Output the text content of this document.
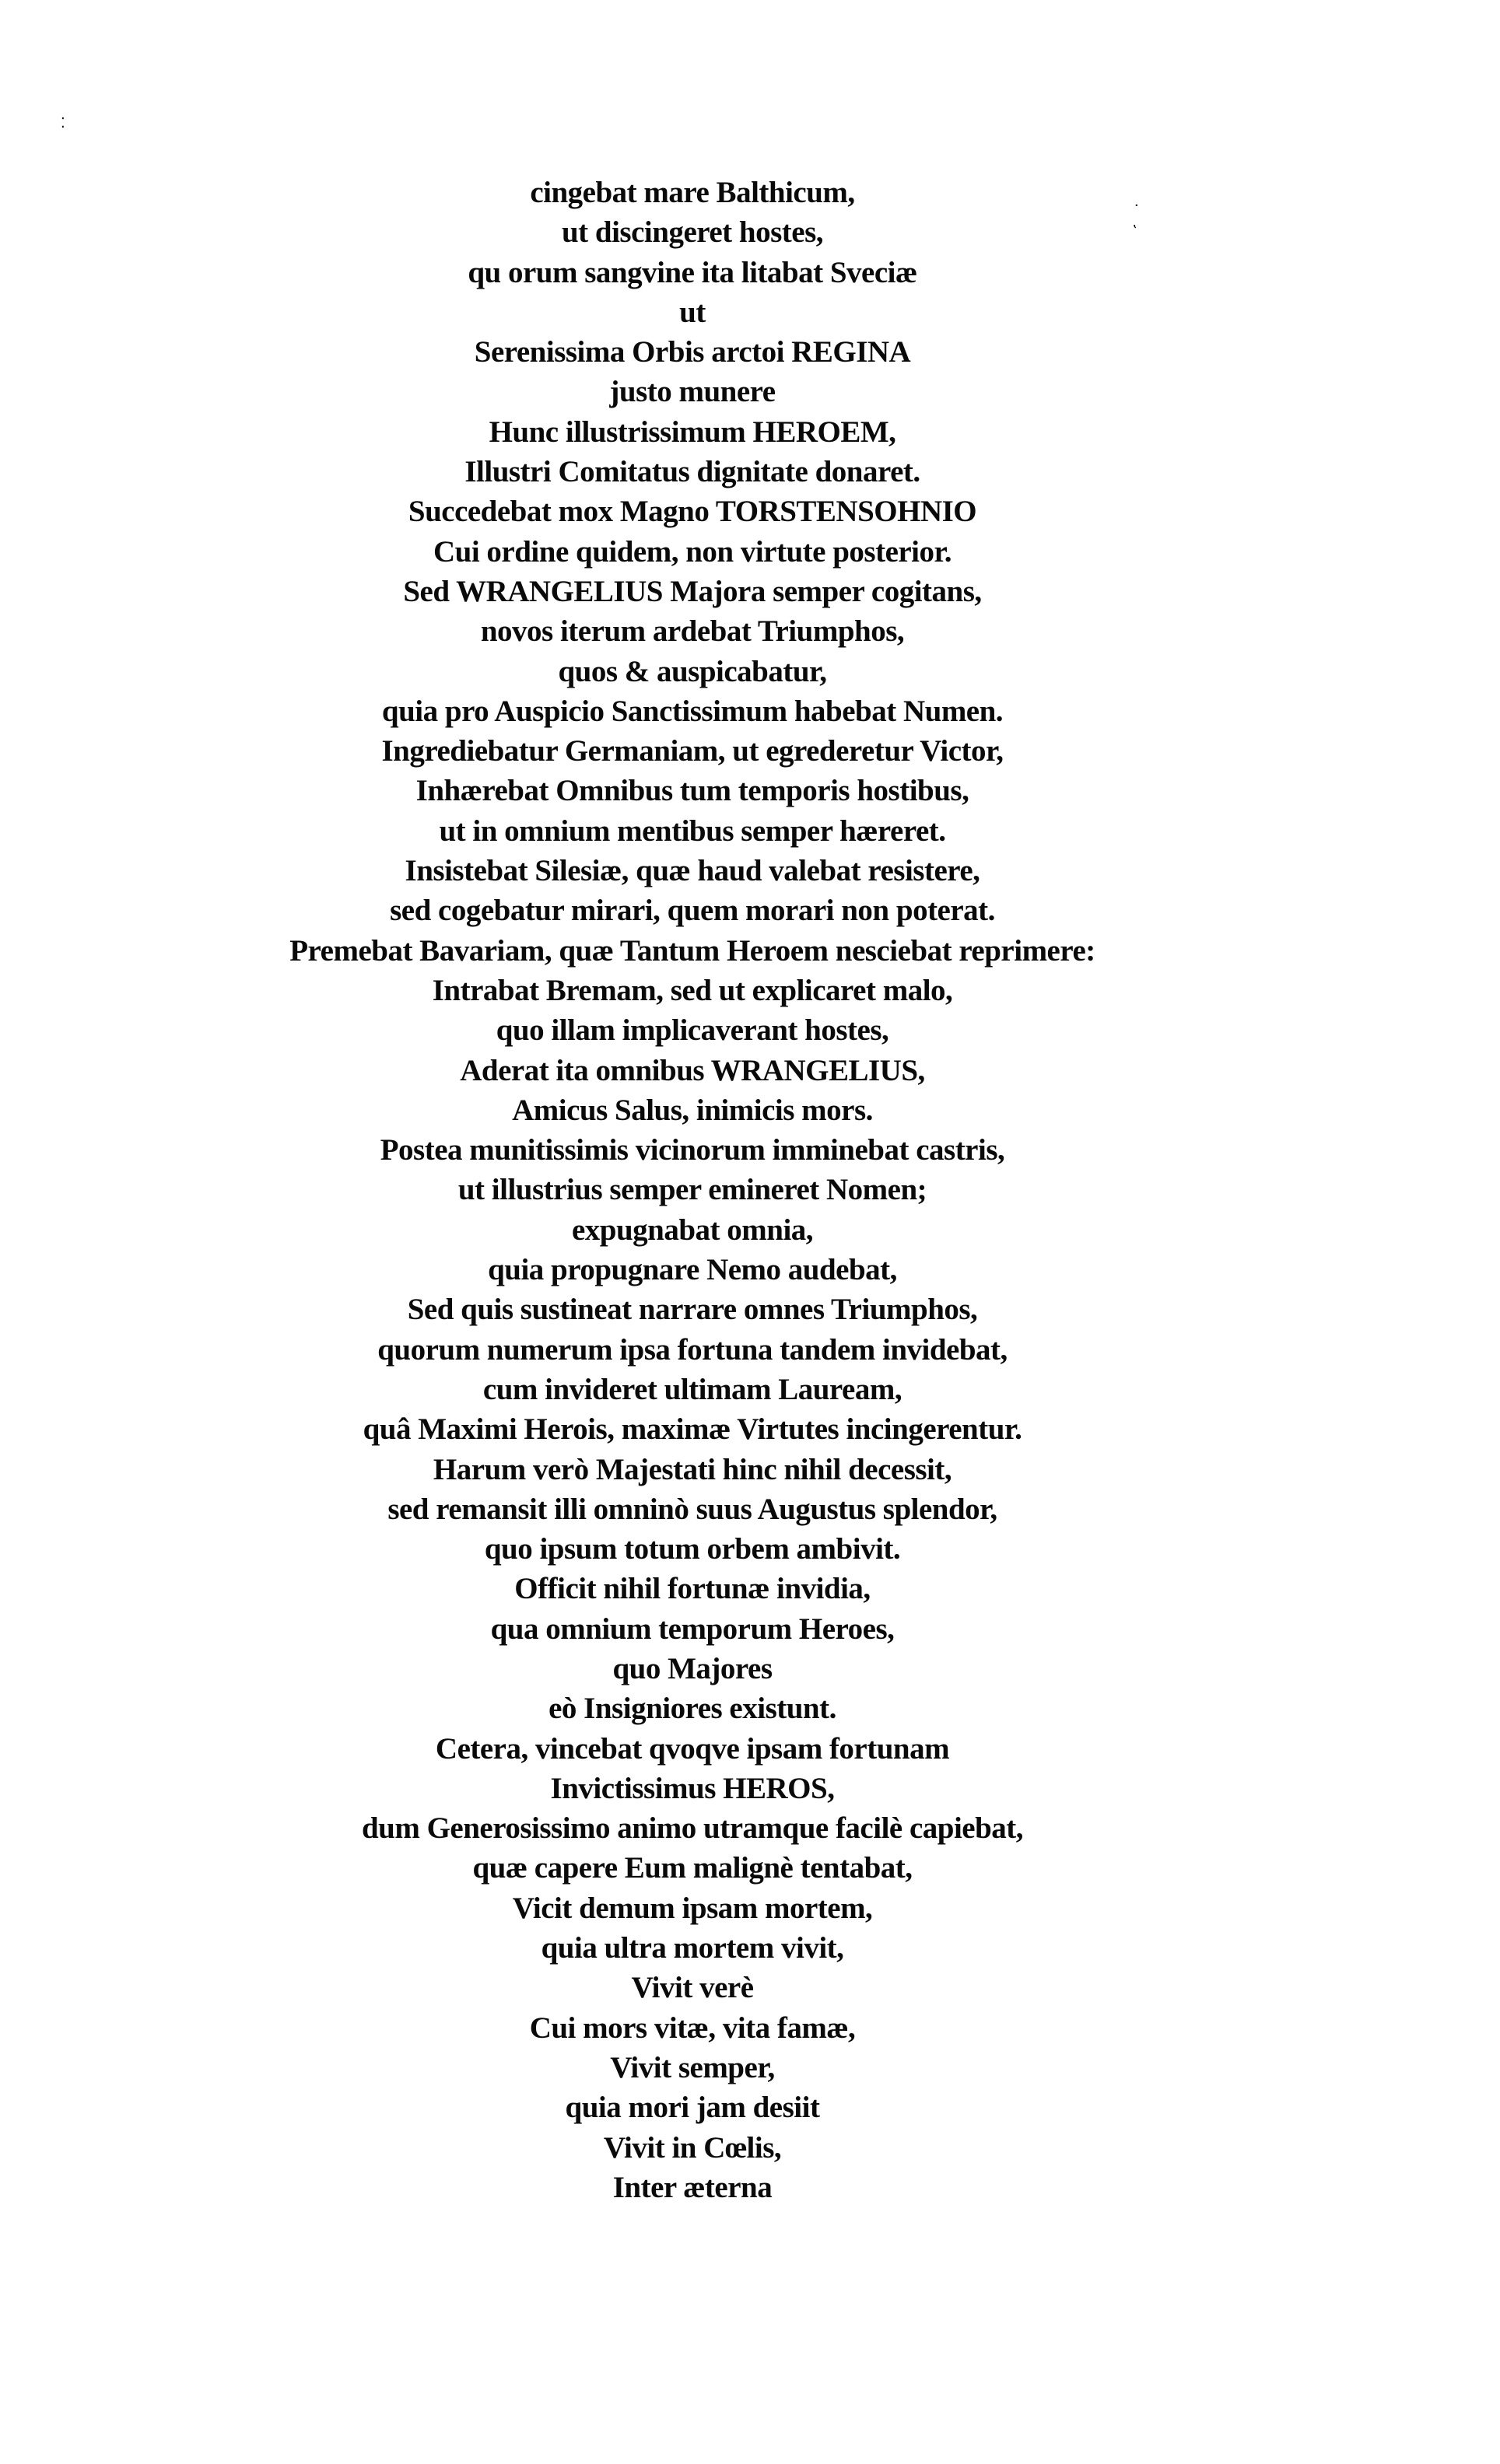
⁚
·
‛
cingebat mare Balthicum,
ut discingeret hostes,
qu orum sangvine ita litabat Sveciæ
ut
Serenissima Orbis arctoi REGINA
justo munere
Hunc illustrissimum HEROEM,
Illustri Comitatus dignitate donaret.
Succedebat mox Magno TORSTENSOHNIO
Cui ordine quidem, non virtute posterior.
Sed WRANGELIUS Majora semper cogitans,
novos iterum ardebat Triumphos,
quos & auspicabatur,
quia pro Auspicio Sanctissimum habebat Numen.
Ingrediebatur Germaniam, ut egrederetur Victor,
Inhærebat Omnibus tum temporis hostibus,
ut in omnium mentibus semper hæreret.
Insistebat Silesiæ, quæ haud valebat resistere,
sed cogebatur mirari, quem morari non poterat.
Premebat Bavariam, quæ Tantum Heroem nesciebat reprimere:
Intrabat Bremam, sed ut explicaret malo,
quo illam implicaverant hostes,
Aderat ita omnibus WRANGELIUS,
Amicus Salus, inimicis mors.
Postea munitissimis vicinorum imminebat castris,
ut illustrius semper emineret Nomen;
expugnabat omnia,
quia propugnare Nemo audebat,
Sed quis sustineat narrare omnes Triumphos,
quorum numerum ipsa fortuna tandem invidebat,
cum invideret ultimam Lauream,
quâ Maximi Herois, maximæ Virtutes incingerentur.
Harum verò Majestati hinc nihil decessit,
sed remansit illi omninò suus Augustus splendor,
quo ipsum totum orbem ambivit.
Officit nihil fortunæ invidia,
qua omnium temporum Heroes,
quo Majores
eò Insigniores existunt.
Cetera, vincebat qvoqve ipsam fortunam
Invictissimus HEROS,
dum Generosissimo animo utramque facilè capiebat,
quæ capere Eum malignè tentabat,
Vicit demum ipsam mortem,
quia ultra mortem vivit,
Vivit verè
Cui mors vitæ, vita famæ,
Vivit semper,
quia mori jam desiit
Vivit in Cœlis,
Inter æterna
